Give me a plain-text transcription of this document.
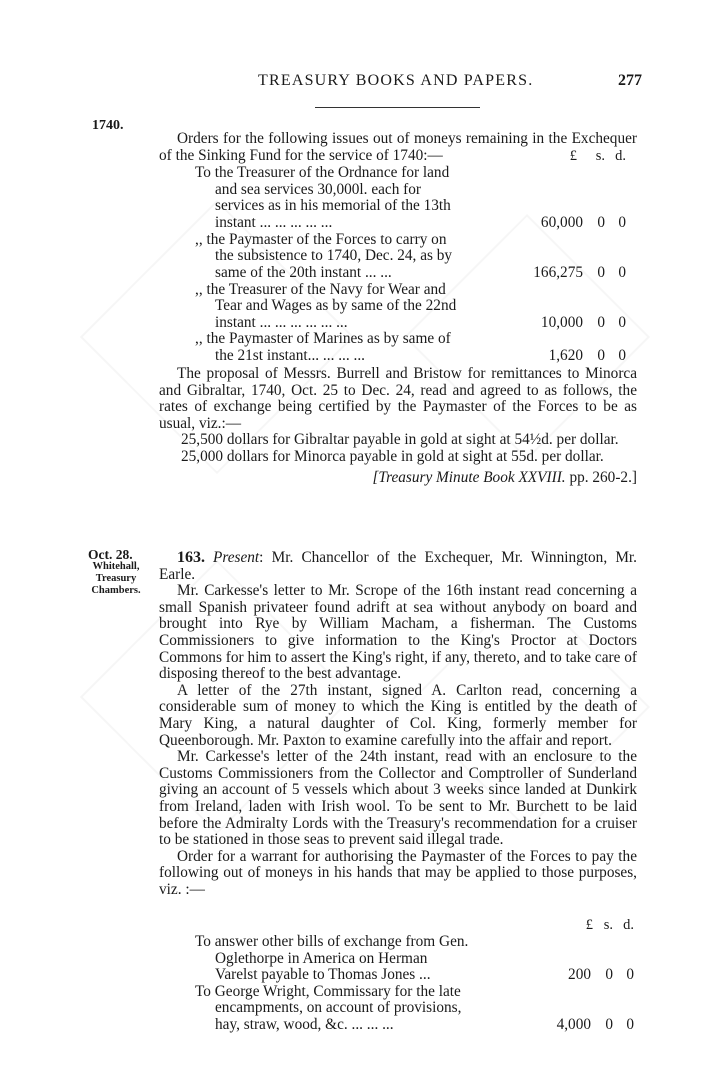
TREASURY BOOKS AND PAPERS.	277
1740.

Orders for the following issues out of moneys remaining in the Exchequer of the Sinking Fund for the service of 1740:—	£ s. d.
To the Treasurer of the Ordnance for land
and sea services 30,000l. each for
services as in his memorial of the 13th
instant ... ... ... ... ...	60,000 0 0
,, the Paymaster of the Forces to carry on
the subsistence to 1740, Dec. 24, as by
same of the 20th instant ... ...	166,275 0 0
,, the Treasurer of the Navy for Wear and
Tear and Wages as by same of the 22nd
instant ... ... ... ... ... ...	10,000 0 0
,, the Paymaster of Marines as by same of
the 21st instant... ... ... ...	1,620 0 0

The proposal of Messrs. Burrell and Bristow for remittances to Minorca and Gibraltar, 1740, Oct. 25 to Dec. 24, read and agreed to as follows, the rates of exchange being certified by the Paymaster of the Forces to be as usual, viz.:—

25,500 dollars for Gibraltar payable in gold at sight at 54½d. per dollar.

25,000 dollars for Minorca payable in gold at sight at 55d. per dollar.

[Treasury Minute Book XXVIII. pp. 260-2.]

Oct. 28.
Whitehall,
Treasury
Chambers.

163. Present: Mr. Chancellor of the Exchequer, Mr. Winnington, Mr. Earle.

Mr. Carkesse's letter to Mr. Scrope of the 16th instant read concerning a small Spanish privateer found adrift at sea without anybody on board and brought into Rye by William Macham, a fisherman. The Customs Commissioners to give information to the King's Proctor at Doctors Commons for him to assert the King's right, if any, thereto, and to take care of disposing thereof to the best advantage.

A letter of the 27th instant, signed A. Carlton read, concerning a considerable sum of money to which the King is entitled by the death of Mary King, a natural daughter of Col. King, formerly member for Queenborough. Mr. Paxton to examine carefully into the affair and report.

Mr. Carkesse's letter of the 24th instant, read with an enclosure to the Customs Commissioners from the Collector and Comptroller of Sunderland giving an account of 5 vessels which about 3 weeks since landed at Dunkirk from Ireland, laden with Irish wool. To be sent to Mr. Burchett to be laid before the Admiralty Lords with the Treasury's recommendation for a cruiser to be stationed in those seas to prevent said illegal trade.

Order for a warrant for authorising the Paymaster of the Forces to pay the following out of moneys in his hands that may be applied to those purposes, viz. :—

£ s. d.
To answer other bills of exchange from Gen.
Oglethorpe in America on Herman
Varelst payable to Thomas Jones ...	200 0 0
To George Wright, Commissary for the late
encampments, on account of provisions,
hay, straw, wood, &c. ... ... ...	4,000 0 0
